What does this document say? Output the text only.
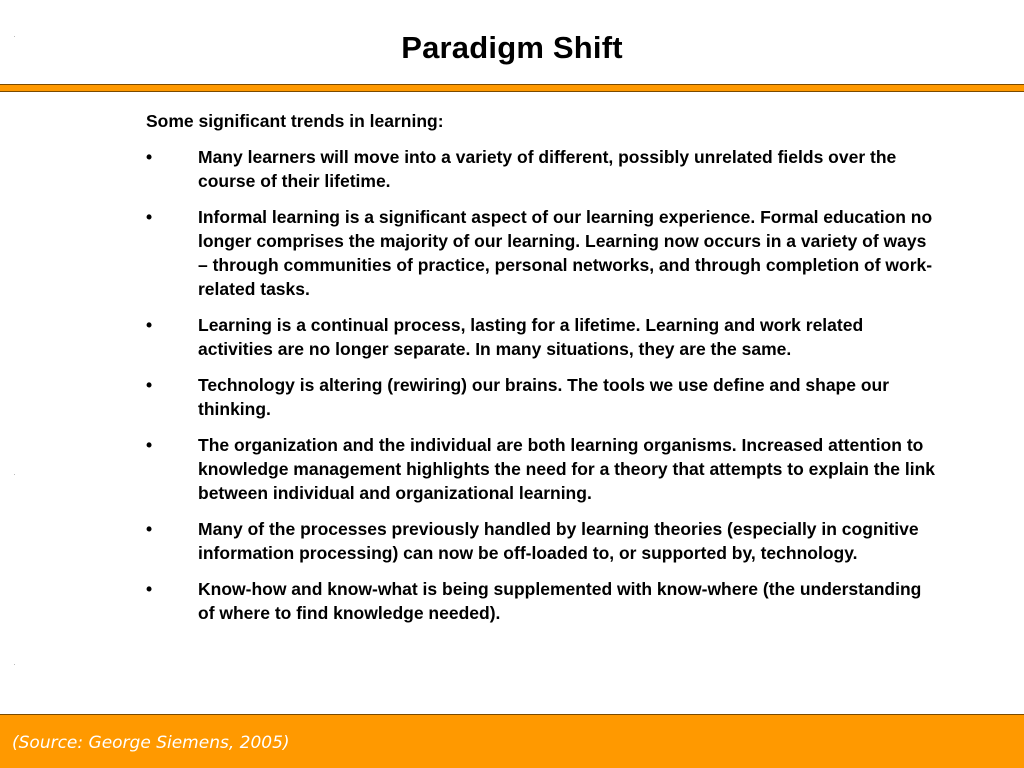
Paradigm Shift

Some significant trends in learning:

•	Many learners will move into a variety of different, possibly unrelated fields over the course of their lifetime.
•	Informal learning is a significant aspect of our learning experience. Formal education no longer comprises the majority of our learning. Learning now occurs in a variety of ways – through communities of practice, personal networks, and through completion of work-related tasks.
•	Learning is a continual process, lasting for a lifetime. Learning and work related activities are no longer separate. In many situations, they are the same.
•	Technology is altering (rewiring) our brains. The tools we use define and shape our thinking.
•	The organization and the individual are both learning organisms. Increased attention to knowledge management highlights the need for a theory that attempts to explain the link between individual and organizational learning.
•	Many of the processes previously handled by learning theories (especially in cognitive information processing) can now be off-loaded to, or supported by, technology.
•	Know-how and know-what is being supplemented with know-where (the understanding of where to find knowledge needed).
(Source: George Siemens, 2005)
